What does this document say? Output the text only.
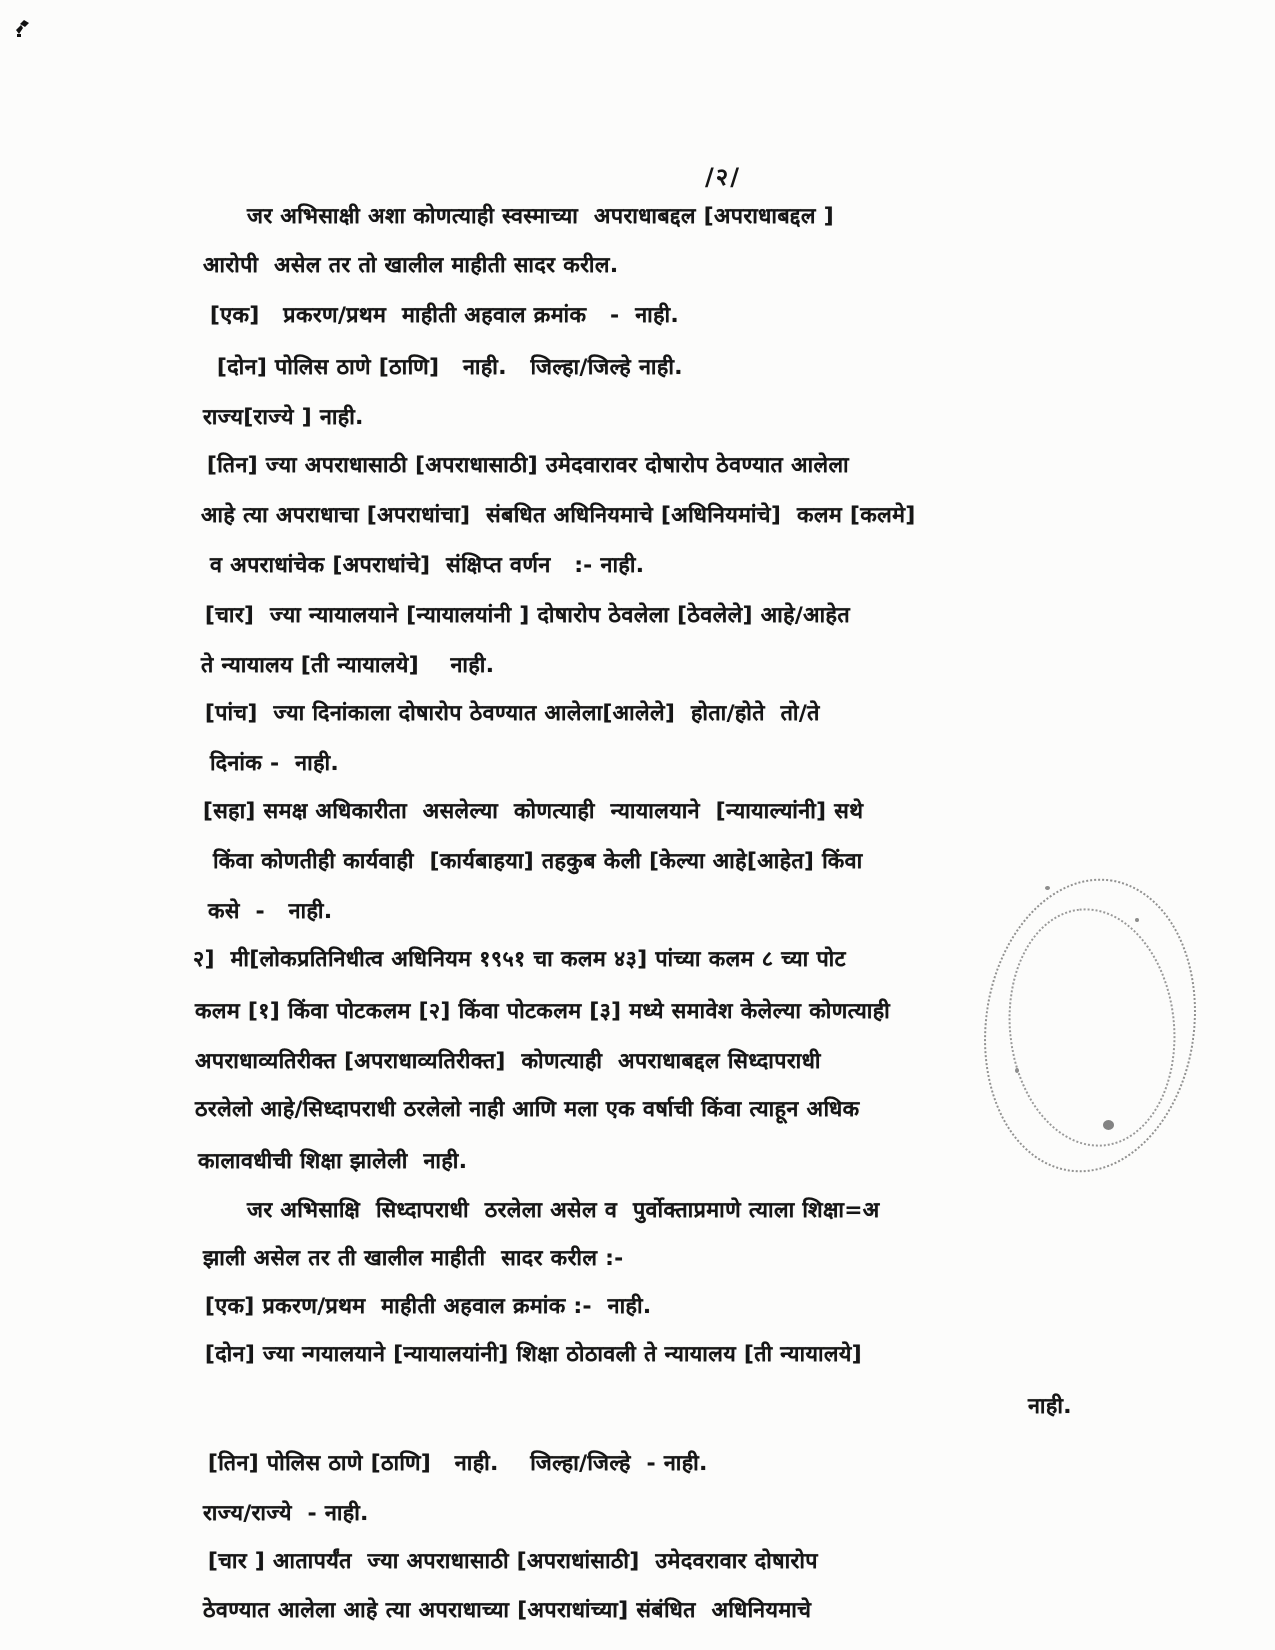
/२/
जर अभिसाक्षी अशा कोणत्याही स्वस्माच्या  अपराधाबद्दल [अपराधाबद्दल ]
आरोपी  असेल तर तो खालील माहीती सादर करील.
[एक]   प्रकरण/प्रथम  माहीती अहवाल क्रमांक   -  नाही.
[दोन] पोलिस ठाणे [ठाणि]   नाही.   जिल्हा/जिल्हे नाही.
राज्य[राज्ये ] नाही.
[तिन] ज्या अपराधासाठी [अपराधासाठी] उमेदवारावर दोषारोप ठेवण्यात आलेला
आहे त्या अपराधाचा [अपराधांचा]  संबधित अधिनियमाचे [अधिनियमांचे]  कलम [कलमे]
व अपराधांचेक [अपराधांचे]  संक्षिप्त वर्णन   :- नाही.
[चार]  ज्या न्यायालयाने [न्यायालयांनी ] दोषारोप ठेवलेला [ठेवलेले] आहे/आहेत
ते न्यायालय [ती न्यायालये]    नाही.
[पांच]  ज्या दिनांकाला दोषारोप ठेवण्यात आलेला[आलेले]  होता/होते  तो/ते
दिनांक -  नाही.
[सहा] समक्ष अधिकारीता  असलेल्या  कोणत्याही  न्यायालयाने  [न्यायाल्यांनी] सथे
किंवा कोणतीही कार्यवाही  [कार्यबाहया] तहकुब केली [केल्या आहे[आहेत] किंवा
कसे  -   नाही.
२]  मी[लोकप्रतिनिधीत्व अधिनियम १९५१ चा कलम ४३] पांच्या कलम ८ च्या पोट
कलम [१] किंवा पोटकलम [२] किंवा पोटकलम [३] मध्ये समावेश केलेल्या कोणत्याही
अपराधाव्यतिरीक्त [अपराधाव्यतिरीक्त]  कोणत्याही  अपराधाबद्दल सिध्दापराधी
ठरलेलो आहे/सिध्दापराधी ठरलेलो नाही आणि मला एक वर्षाची किंवा त्याहून अधिक
कालावधीची शिक्षा झालेली  नाही.
जर अभिसाक्षि  सिध्दापराधी  ठरलेला असेल व  पुर्वोक्ताप्रमाणे त्याला शिक्षा=अ
झाली असेल तर ती खालील माहीती  सादर करील :-
[एक] प्रकरण/प्रथम  माहीती अहवाल क्रमांक :-  नाही.
[दोन] ज्या न्गयालयाने [न्यायालयांनी] शिक्षा ठोठावली ते न्यायालय [ती न्यायालये]
नाही.
[तिन] पोलिस ठाणे [ठाणि]   नाही.    जिल्हा/जिल्हे  - नाही.
राज्य/राज्ये  - नाही.
[चार ] आतापर्यंत  ज्या अपराधासाठी [अपराधांसाठी]  उमेदवरावार दोषारोप
ठेवण्यात आलेला आहे त्या अपराधाच्या [अपराधांच्या] संबंधित  अधिनियमाचे
